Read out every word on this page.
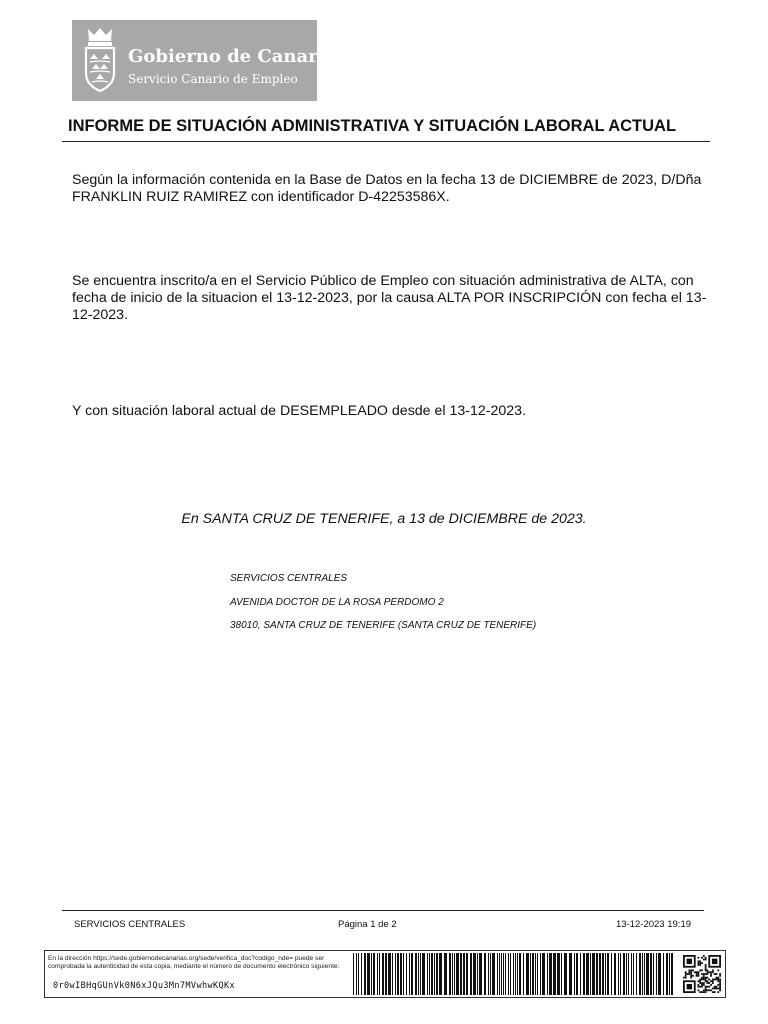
Gobierno de Canarias
Servicio Canario de Empleo
INFORME DE SITUACIÓN ADMINISTRATIVA Y SITUACIÓN LABORAL ACTUAL
Según la información contenida en la Base de Datos en la fecha 13 de DICIEMBRE de 2023, D/Dña FRANKLIN RUIZ RAMIREZ con identificador D-42253586X.
Se encuentra inscrito/a en el Servicio Público de Empleo con situación administrativa de ALTA, con fecha de inicio de la situacion el 13-12-2023, por la causa ALTA POR INSCRIPCIÓN con fecha el 13-12-2023.
Y con situación laboral actual de DESEMPLEADO desde el 13-12-2023.
En SANTA CRUZ DE TENERIFE, a 13 de DICIEMBRE de 2023.
SERVICIOS CENTRALES
AVENIDA DOCTOR DE LA ROSA PERDOMO 2
38010, SANTA CRUZ DE TENERIFE (SANTA CRUZ DE TENERIFE)
SERVICIOS CENTRALES	Página 1 de 2	13-12-2023 19:19
En la dirección https://sede.gobiernodecanarias.org/sede/verifica_doc?codigo_nde= puede ser comprobada la autenticidad de esta copia, mediante el número de documento electrónico siguiente:
0r0wIBHqGUnVk0N6xJQu3Mn7MVwhwKQKx
